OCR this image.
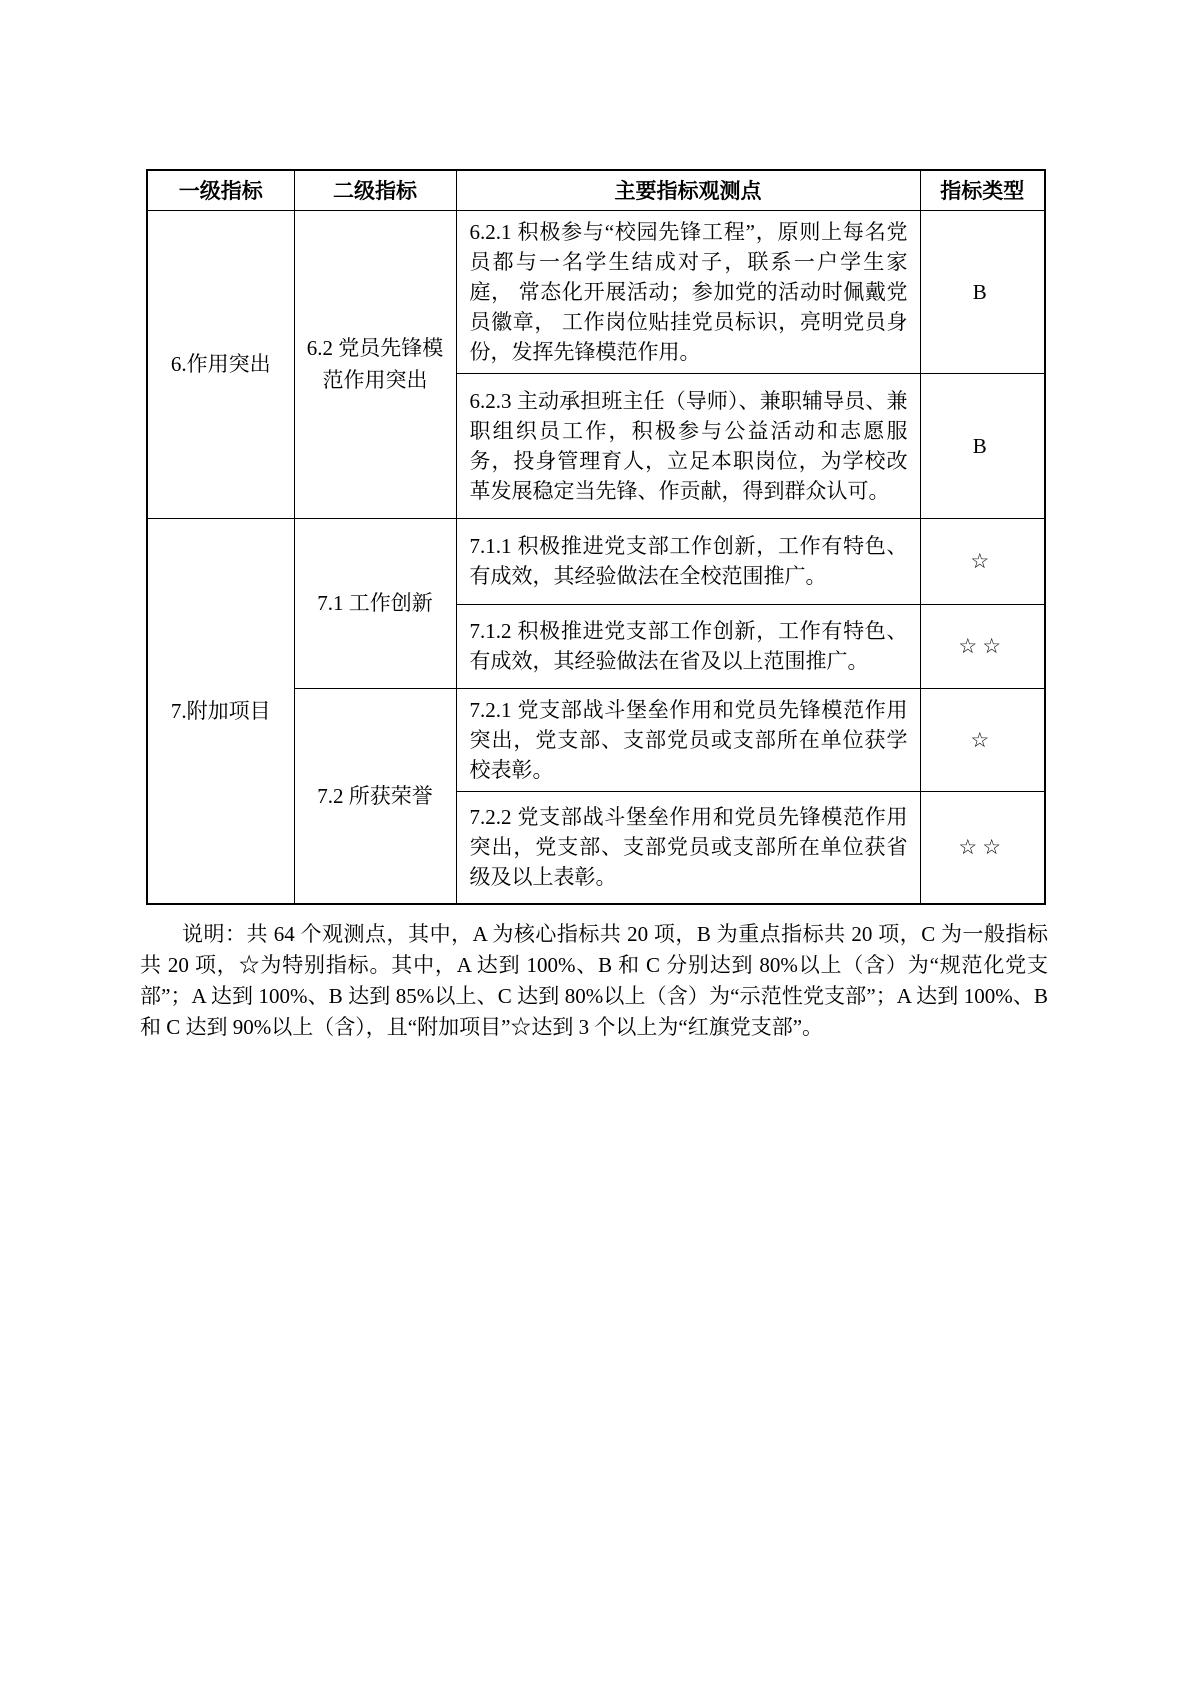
一级指标	二级指标	主要指标观测点	指标类型
6.作用突出	6.2 党员先锋模范作用突出	6.2.1 积极参与“校园先锋工程”，原则上每名党员都与一名学生结成对子，联系一户学生家庭， 常态化开展活动；参加党的活动时佩戴党员徽章， 工作岗位贴挂党员标识，亮明党员身份，发挥先锋模范作用。	B
		6.2.3 主动承担班主任（导师）、兼职辅导员、兼职组织员工作，积极参与公益活动和志愿服务，投身管理育人，立足本职岗位，为学校改革发展稳定当先锋、作贡献，得到群众认可。	B
7.附加项目	7.1 工作创新	7.1.1 积极推进党支部工作创新，工作有特色、有成效，其经验做法在全校范围推广。	☆
		7.1.2 积极推进党支部工作创新，工作有特色、有成效，其经验做法在省及以上范围推广。	☆☆
	7.2 所获荣誉	7.2.1 党支部战斗堡垒作用和党员先锋模范作用突出，党支部、支部党员或支部所在单位获学校表彰。	☆
		7.2.2 党支部战斗堡垒作用和党员先锋模范作用突出，党支部、支部党员或支部所在单位获省级及以上表彰。	☆☆

说明：共 64 个观测点，其中，A 为核心指标共 20 项，B 为重点指标共 20 项，C 为一般指标共 20 项，☆为特别指标。其中，A 达到 100%、B 和 C 分别达到 80%以上（含）为“规范化党支部”；A 达到 100%、B 达到 85%以上、C 达到 80%以上（含）为“示范性党支部”；A 达到 100%、B 和 C 达到 90%以上（含），且“附加项目”☆达到 3 个以上为“红旗党支部”。
